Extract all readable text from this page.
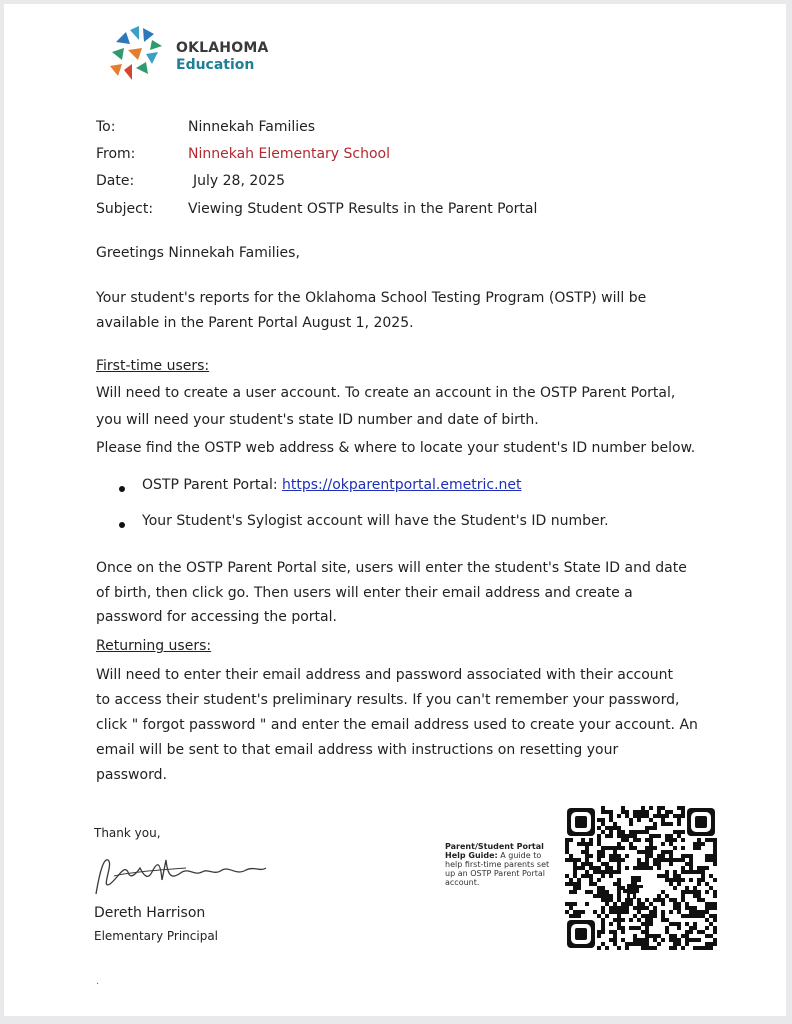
OKLAHOMA
Education
To:	Ninnekah Families
From:	Ninnekah Elementary School
Date:	July 28, 2025
Subject: Viewing Student OSTP Results in the Parent Portal
Greetings Ninnekah Families,
Your student's reports for the Oklahoma School Testing Program (OSTP) will be
available in the Parent Portal August 1, 2025.
First-time users:
Will need to create a user account. To create an account in the OSTP Parent Portal,
you will need your student's state ID number and date of birth.
Please find the OSTP web address & where to locate your student's ID number below.
OSTP Parent Portal: https://okparentportal.emetric.net
Your Student's Sylogist account will have the Student's ID number.
Once on the OSTP Parent Portal site, users will enter the student's State ID and date
of birth, then click go. Then users will enter their email address and create a
password for accessing the portal.
Returning users:
Will need to enter their email address and password associated with their account
to access their student's preliminary results. If you can't remember your password,
click " forgot password " and enter the email address used to create your account. An
email will be sent to that email address with instructions on resetting your
password.
Thank you,
Dereth Harrison
Elementary Principal
Parent/Student Portal
Help Guide: A guide to help first-time parents set up an OSTP Parent Portal account.
.
